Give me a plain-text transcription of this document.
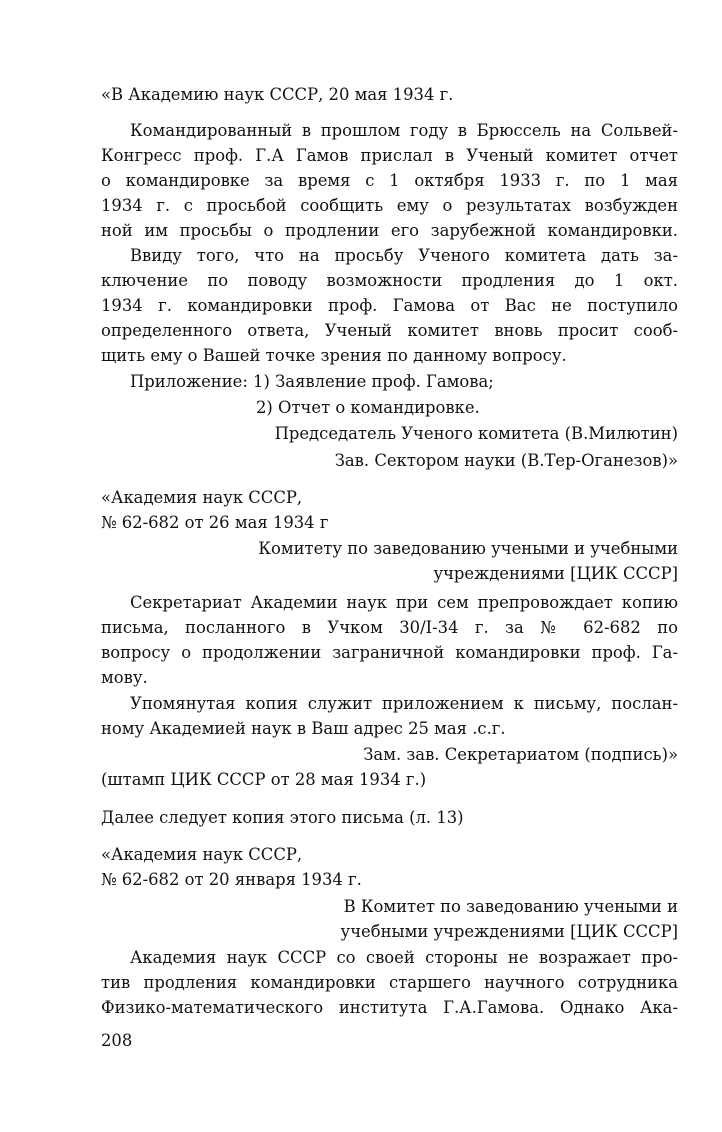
«В Академию наук СССР, 20 мая 1934 г.
Командированный в прошлом году в Брюссель на Сольвей-
Конгресс проф. Г.А Гамов прислал в Ученый комитет отчет
о командировке за время с 1 октября 1933 г. по 1 мая
1934 г. с просьбой сообщить ему о результатах возбужден
ной им просьбы о продлении его зарубежной командировки.
Ввиду того, что на просьбу Ученого комитета дать за-
ключение по поводу возможности продления до 1 окт.
1934 г. командировки проф. Гамова от Вас не поступило
определенного ответа, Ученый комитет вновь просит сооб-
щить ему о Вашей точке зрения по данному вопросу.
Приложение: 1) Заявление проф. Гамова;
2) Отчет о командировке.
Председатель Ученого комитета (В.Милютин)
Зав. Сектором науки (В.Тер-Оганезов)»
«Академия наук СССР,
№ 62-682 от 26 мая 1934 г
Комитету по заведованию учеными и учебными
учреждениями [ЦИК СССР]
Секретариат Академии наук при сем препровождает копию
письма, посланного в Учком 30/I-34 г. за № 62-682 по
вопросу о продолжении заграничной командировки проф. Га-
мову.
Упомянутая копия служит приложением к письму, послан-
ному Академией наук в Ваш адрес 25 мая .с.г.
Зам. зав. Секретариатом (подпись)»
(штамп ЦИК СССР от 28 мая 1934 г.)
Далее следует копия этого письма (л. 13)
«Академия наук СССР,
№ 62-682 от 20 января 1934 г.
В Комитет по заведованию учеными и
учебными учреждениями [ЦИК СССР]
Академия наук СССР со своей стороны не возражает про-
тив продления командировки старшего научного сотрудника
Физико-математического института Г.А.Гамова. Однако Ака-
208
